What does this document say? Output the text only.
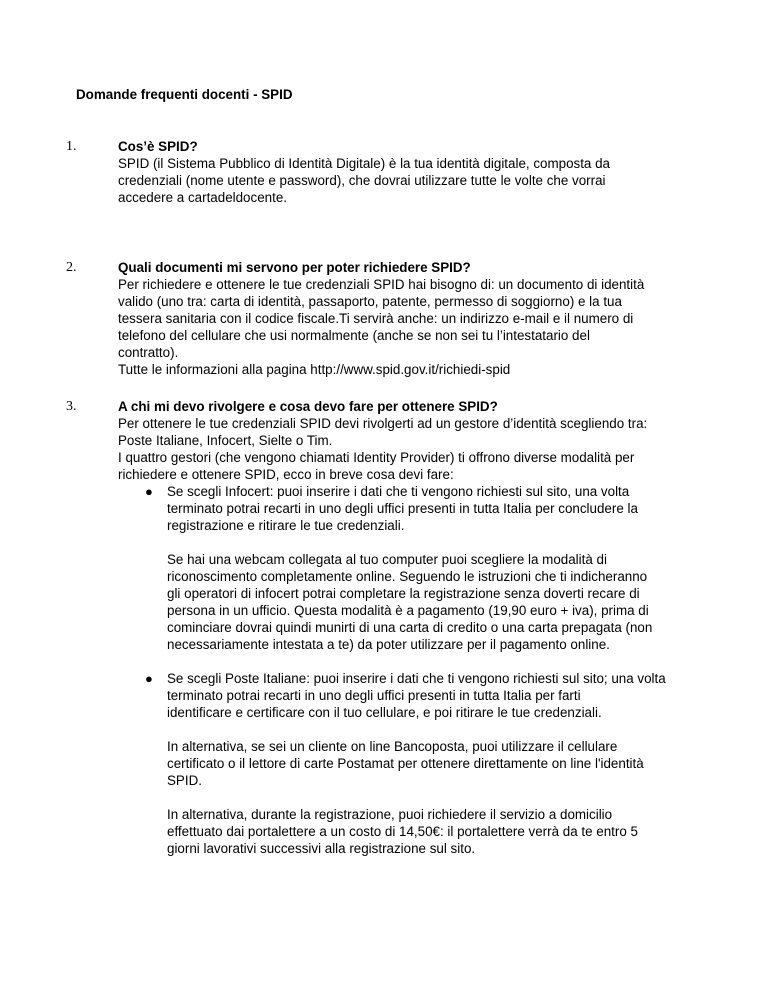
Domande frequenti docenti - SPID
1.	Cos’è SPID?
SPID (il Sistema Pubblico di Identità Digitale) è la tua identità digitale, composta da
credenziali (nome utente e password), che dovrai utilizzare tutte le volte che vorrai
accedere a cartadeldocente.
2.	Quali documenti mi servono per poter richiedere SPID?
Per richiedere e ottenere le tue credenziali SPID hai bisogno di: un documento di identità
valido (uno tra: carta di identità, passaporto, patente, permesso di soggiorno) e la tua
tessera sanitaria con il codice fiscale.Ti servirà anche: un indirizzo e-mail e il numero di
telefono del cellulare che usi normalmente (anche se non sei tu l’intestatario del
contratto).
Tutte le informazioni alla pagina http://www.spid.gov.it/richiedi-spid
3.	A chi mi devo rivolgere e cosa devo fare per ottenere SPID?
Per ottenere le tue credenziali SPID devi rivolgerti ad un gestore d’identità scegliendo tra:
Poste Italiane, Infocert, Sielte o Tim.
I quattro gestori (che vengono chiamati Identity Provider) ti offrono diverse modalità per
richiedere e ottenere SPID, ecco in breve cosa devi fare:
● Se scegli Infocert: puoi inserire i dati che ti vengono richiesti sul sito, una volta
terminato potrai recarti in uno degli uffici presenti in tutta Italia per concludere la
registrazione e ritirare le tue credenziali.
Se hai una webcam collegata al tuo computer puoi scegliere la modalità di
riconoscimento completamente online. Seguendo le istruzioni che ti indicheranno
gli operatori di infocert potrai completare la registrazione senza doverti recare di
persona in un ufficio. Questa modalità è a pagamento (19,90 euro + iva), prima di
cominciare dovrai quindi munirti di una carta di credito o una carta prepagata (non
necessariamente intestata a te) da poter utilizzare per il pagamento online.
● Se scegli Poste Italiane: puoi inserire i dati che ti vengono richiesti sul sito; una volta
terminato potrai recarti in uno degli uffici presenti in tutta Italia per farti
identificare e certificare con il tuo cellulare, e poi ritirare le tue credenziali.
In alternativa, se sei un cliente on line Bancoposta, puoi utilizzare il cellulare
certificato o il lettore di carte Postamat per ottenere direttamente on line l'identità
SPID.
In alternativa, durante la registrazione, puoi richiedere il servizio a domicilio
effettuato dai portalettere a un costo di 14,50€: il portalettere verrà da te entro 5
giorni lavorativi successivi alla registrazione sul sito.
